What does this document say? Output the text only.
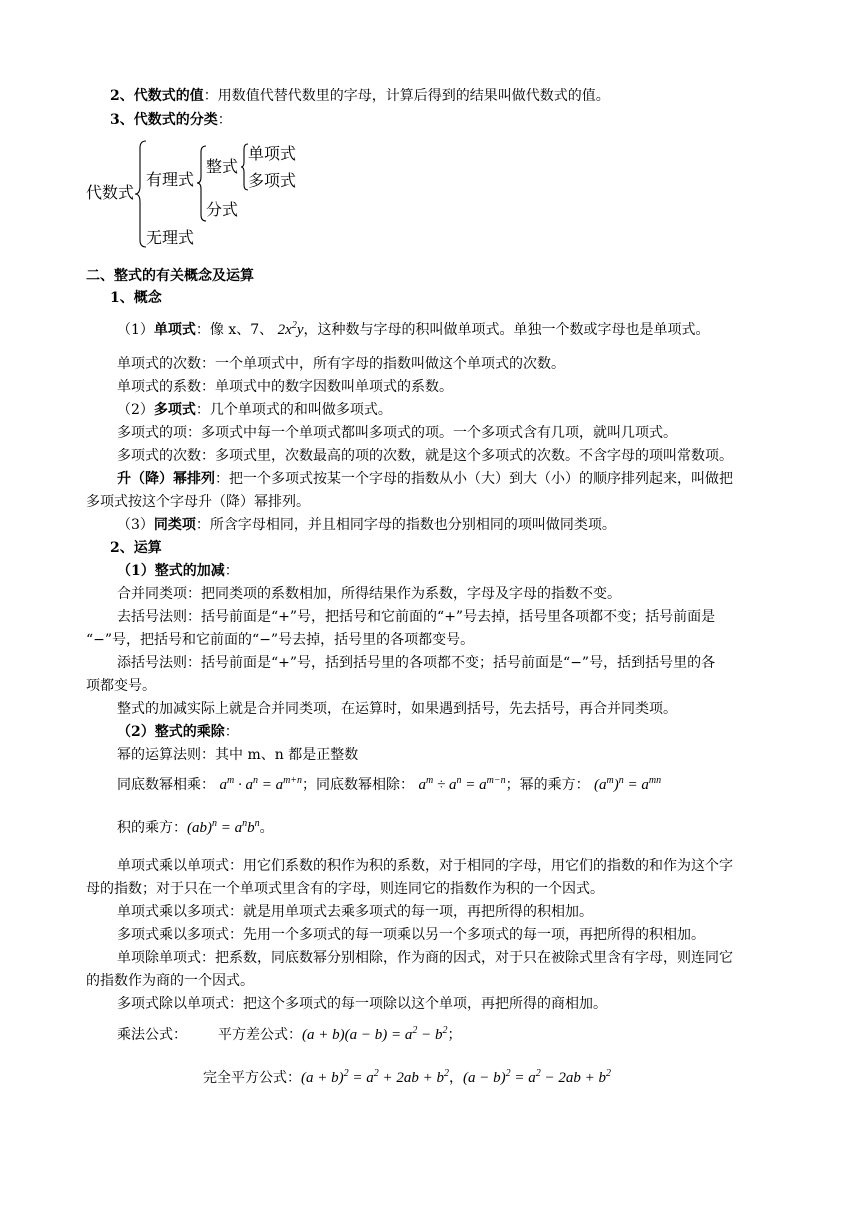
2、代数式的值：用数值代替代数里的字母，计算后得到的结果叫做代数式的值。
3、代数式的分类：
代数式
有理式
无理式
整式
分式
单项式
多项式
二、整式的有关概念及运算
1、概念
（1）单项式：像 x、7、 $2x^2y$，这种数与字母的积叫做单项式。单独一个数或字母也是单项式。
单项式的次数：一个单项式中，所有字母的指数叫做这个单项式的次数。
单项式的系数：单项式中的数字因数叫单项式的系数。
（2）多项式：几个单项式的和叫做多项式。
多项式的项：多项式中每一个单项式都叫多项式的项。一个多项式含有几项，就叫几项式。
多项式的次数：多项式里，次数最高的项的次数，就是这个多项式的次数。不含字母的项叫常数项。
升（降）幂排列：把一个多项式按某一个字母的指数从小（大）到大（小）的顺序排列起来，叫做把
多项式按这个字母升（降）幂排列。
（3）同类项：所含字母相同，并且相同字母的指数也分别相同的项叫做同类项。
2、运算
（1）整式的加减：
合并同类项：把同类项的系数相加，所得结果作为系数，字母及字母的指数不变。
去括号法则：括号前面是“+”号，把括号和它前面的“+”号去掉，括号里各项都不变；括号前面是
“−”号，把括号和它前面的“−”号去掉，括号里的各项都变号。
添括号法则：括号前面是“+”号，括到括号里的各项都不变；括号前面是“−”号，括到括号里的各
项都变号。
整式的加减实际上就是合并同类项，在运算时，如果遇到括号，先去括号，再合并同类项。
（2）整式的乘除：
幂的运算法则：其中 m、n 都是正整数
同底数幂相乘： $a^m \cdot a^n = a^{m+n}$；同底数幂相除： $a^m \div a^n = a^{m-n}$；幂的乘方： $(a^m)^n = a^{mn}$
积的乘方：$(ab)^n = a^nb^n$。
单项式乘以单项式：用它们系数的积作为积的系数，对于相同的字母，用它们的指数的和作为这个字
母的指数；对于只在一个单项式里含有的字母，则连同它的指数作为积的一个因式。
单项式乘以多项式：就是用单项式去乘多项式的每一项，再把所得的积相加。
多项式乘以多项式：先用一个多项式的每一项乘以另一个多项式的每一项，再把所得的积相加。
单项除单项式：把系数，同底数幂分别相除，作为商的因式，对于只在被除式里含有字母，则连同它
的指数作为商的一个因式。
多项式除以单项式：把这个多项式的每一项除以这个单项，再把所得的商相加。
乘法公式： 平方差公式：$(a + b)(a - b) = a^2 - b^2$；
完全平方公式：$(a + b)^2 = a^2 + 2ab + b^2$，$(a - b)^2 = a^2 - 2ab + b^2$
